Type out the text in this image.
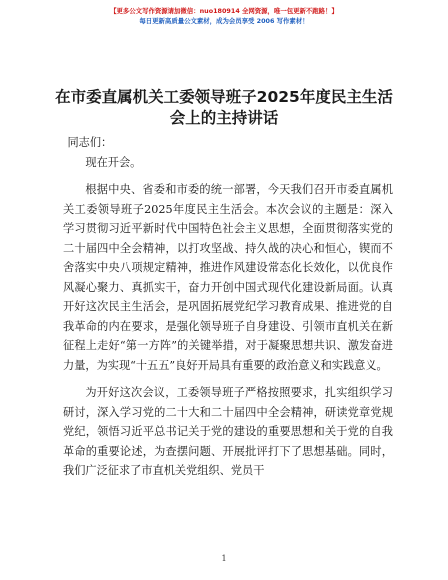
【更多公文写作资源请加微信：nuo180914 全网资源，唯一包更新不跑路！】
每日更新高质量公文素材，成为会员享受 2006 写作素材！
在市委直属机关工委领导班子2025年度民主生活会上的主持讲话

同志们：

现在开会。

根据中央、省委和市委的统一部署，今天我们召开市委直属机关工委领导班子2025年度民主生活会。本次会议的主题是：深入学习贯彻习近平新时代中国特色社会主义思想，全面贯彻落实党的二十届四中全会精神，以打攻坚战、持久战的决心和恒心，锲而不舍落实中央八项规定精神，推进作风建设常态化长效化，以优良作风凝心聚力、真抓实干，奋力开创中国式现代化建设新局面。认真开好这次民主生活会，是巩固拓展党纪学习教育成果、推进党的自我革命的内在要求，是强化领导班子自身建设、引领市直机关在新征程上走好“第一方阵”的关键举措，对于凝聚思想共识、激发奋进力量，为实现“十五五”良好开局具有重要的政治意义和实践意义。

为开好这次会议，工委领导班子严格按照要求，扎实组织学习研讨，深入学习党的二十大和二十届四中全会精神，研读党章党规党纪，领悟习近平总书记关于党的建设的重要思想和关于党的自我革命的重要论述，为查摆问题、开展批评打下了思想基础。同时，我们广泛征求了市直机关党组织、党员干

1
